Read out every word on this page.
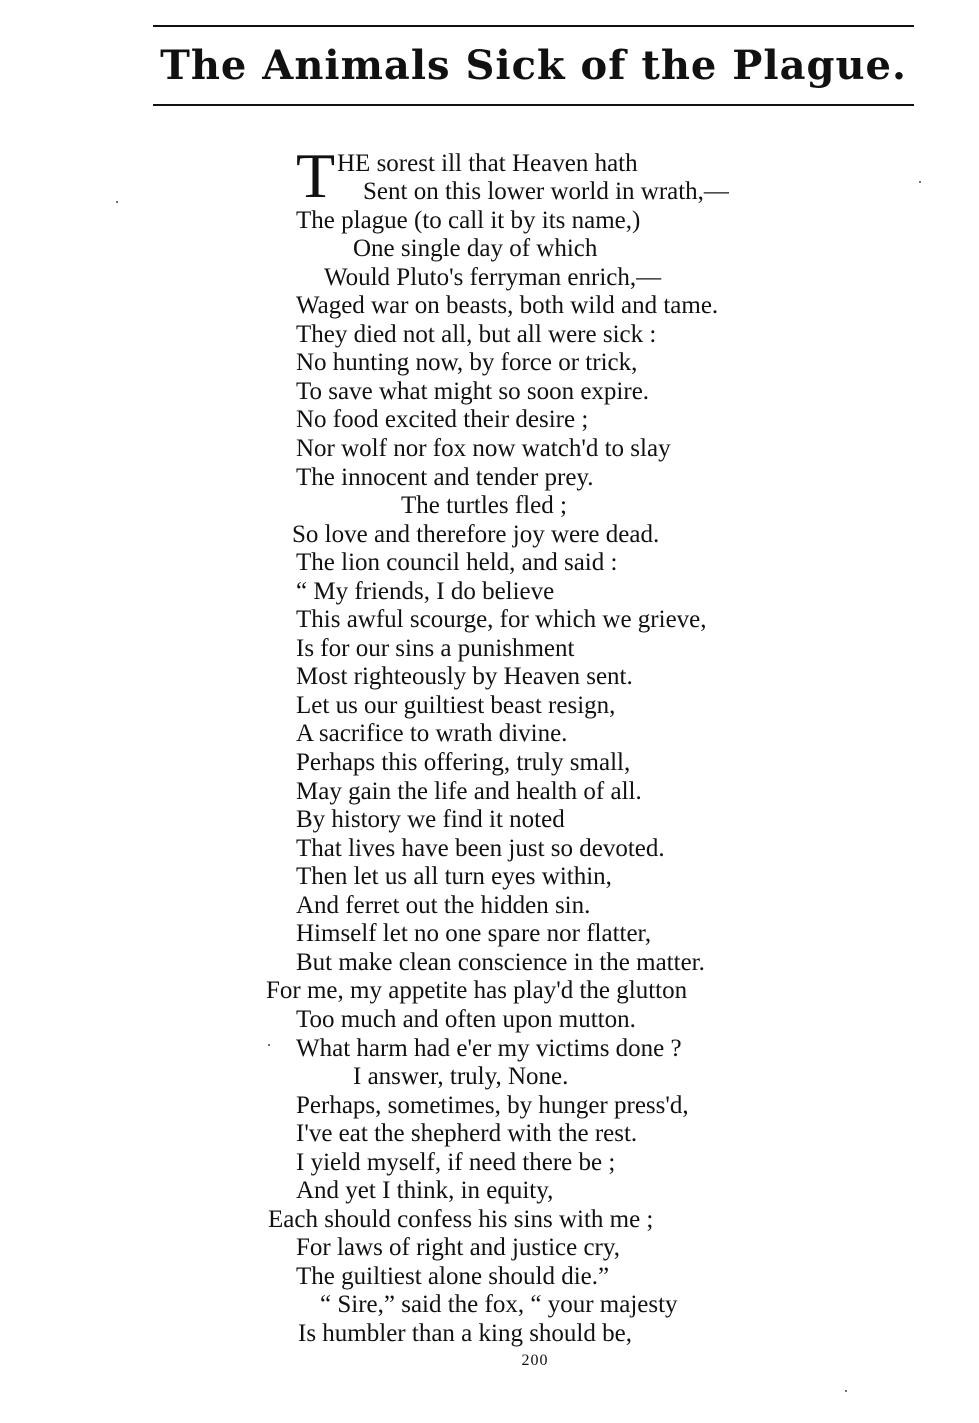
The Animals Sick of the Plague.
T HE sorest ill that Heaven hath
Sent on this lower world in wrath,—
The plague (to call it by its name,)
One single day of which
Would Pluto's ferryman enrich,—
Waged war on beasts, both wild and tame.
They died not all, but all were sick :
No hunting now, by force or trick,
To save what might so soon expire.
No food excited their desire ;
Nor wolf nor fox now watch'd to slay
The innocent and tender prey.
The turtles fled ;
So love and therefore joy were dead.
The lion council held, and said :
“ My friends, I do believe
This awful scourge, for which we grieve,
Is for our sins a punishment
Most righteously by Heaven sent.
Let us our guiltiest beast resign,
A sacrifice to wrath divine.
Perhaps this offering, truly small,
May gain the life and health of all.
By history we find it noted
That lives have been just so devoted.
Then let us all turn eyes within,
And ferret out the hidden sin.
Himself let no one spare nor flatter,
But make clean conscience in the matter.
For me, my appetite has play'd the glutton
Too much and often upon mutton.
What harm had e'er my victims done ?
I answer, truly, None.
Perhaps, sometimes, by hunger press'd,
I've eat the shepherd with the rest.
I yield myself, if need there be ;
And yet I think, in equity,
Each should confess his sins with me ;
For laws of right and justice cry,
The guiltiest alone should die.”
“ Sire,” said the fox, “ your majesty
Is humbler than a king should be,
200
